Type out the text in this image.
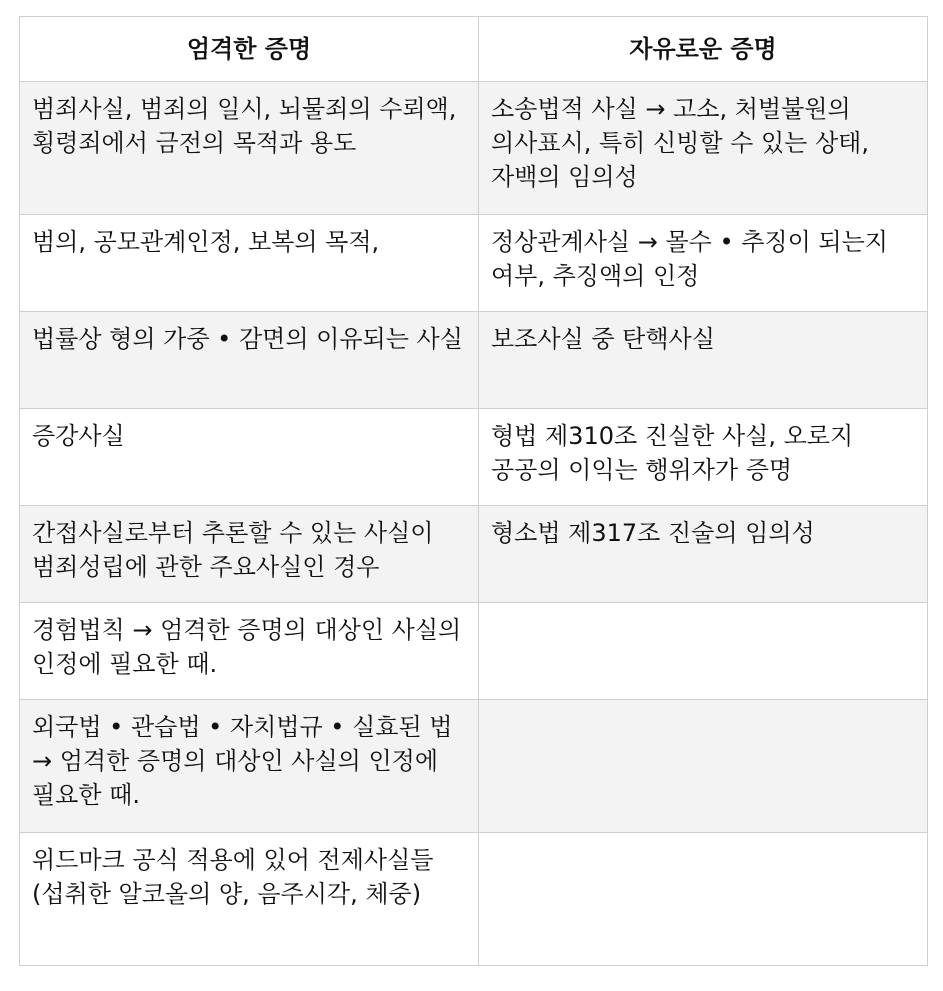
엄격한 증명	자유로운 증명
범죄사실, 범죄의 일시, 뇌물죄의 수뢰액, 횡령죄에서 금전의 목적과 용도	소송법적 사실 → 고소, 처벌불원의 의사표시, 특히 신빙할 수 있는 상태, 자백의 임의성
범의, 공모관계인정, 보복의 목적,	정상관계사실 → 몰수 • 추징이 되는지 여부, 추징액의 인정
법률상 형의 가중 • 감면의 이유되는 사실	보조사실 중 탄핵사실
증강사실	형법 제310조 진실한 사실, 오로지 공공의 이익는 행위자가 증명
간접사실로부터 추론할 수 있는 사실이 범죄성립에 관한 주요사실인 경우	형소법 제317조 진술의 임의성
경험법칙 → 엄격한 증명의 대상인 사실의 인정에 필요한 때.	
외국법 • 관습법 • 자치법규 • 실효된 법 → 엄격한 증명의 대상인 사실의 인정에 필요한 때.	
위드마크 공식 적용에 있어 전제사실들(섭취한 알코올의 양, 음주시각, 체중)	
